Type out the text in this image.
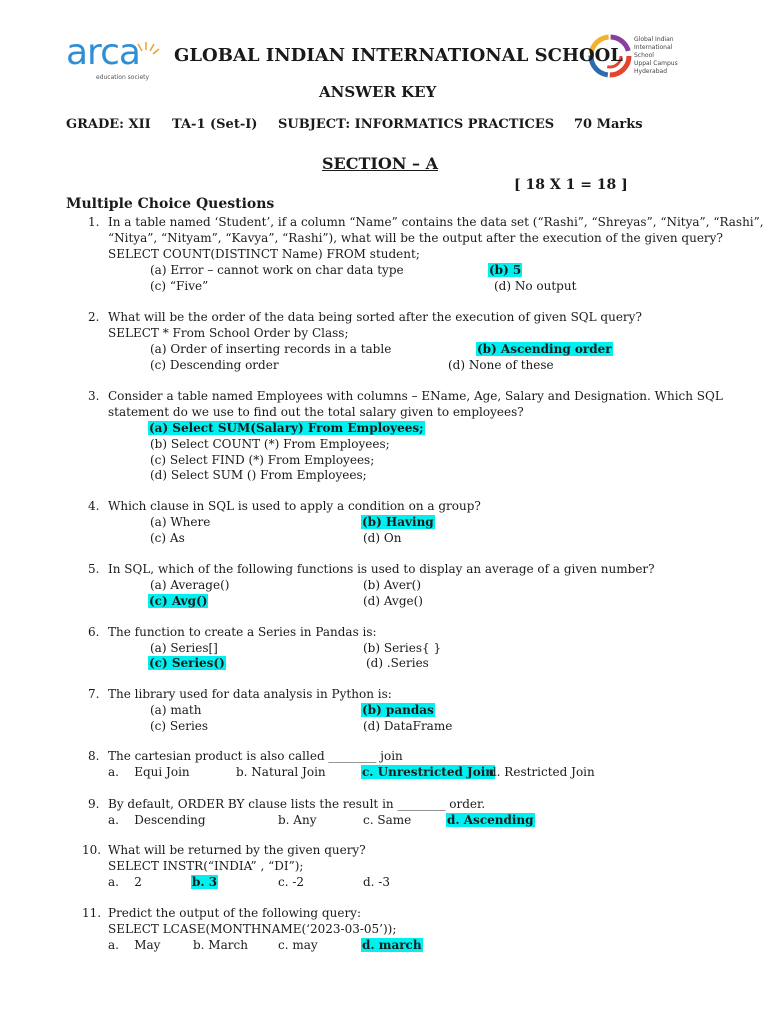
arca
education society
Global Indian
International
School
Uppal Campus
Hyderabad
GLOBAL INDIAN INTERNATIONAL SCHOOL
ANSWER KEY
GRADE: XII TA-1 (Set-I) SUBJECT: INFORMATICS PRACTICES 70 Marks
SECTION – A
[ 18 X 1 = 18 ]
Multiple Choice Questions
1. In a table named ‘Student’, if a column “Name” contains the data set (“Rashi”, “Shreyas”, “Nitya”, “Rashi”,
“Nitya”, “Nityam”, “Kavya”, “Rashi”), what will be the output after the execution of the given query?
SELECT COUNT(DISTINCT Name) FROM student;
(a) Error – cannot work on char data type	(b) 5
(c) “Five”	(d) No output
2. What will be the order of the data being sorted after the execution of given SQL query?
SELECT * From School Order by Class;
(a) Order of inserting records in a table	(b) Ascending order
(c) Descending order	(d) None of these
3. Consider a table named Employees with columns – EName, Age, Salary and Designation. Which SQL
statement do we use to find out the total salary given to employees?
(a) Select SUM(Salary) From Employees;
(b) Select COUNT (*) From Employees;
(c) Select FIND (*) From Employees;
(d) Select SUM () From Employees;
4. Which clause in SQL is used to apply a condition on a group?
(a) Where	(b) Having
(c) As	(d) On
5. In SQL, which of the following functions is used to display an average of a given number?
(a) Average()	(b) Aver()
(c) Avg()	(d) Avge()
6. The function to create a Series in Pandas is:
(a) Series[]	(b) Series{ }
(c) Series()	(d) .Series
7. The library used for data analysis in Python is:
(a) math	(b) pandas
(c) Series	(d) DataFrame
8. The cartesian product is also called ________ join
a.    Equi Join	b. Natural Join	c. Unrestricted Join
d. Restricted Join
9. By default, ORDER BY clause lists the result in ________ order.
a.    Descending	b. Any	c. Same	d. Ascending
10. What will be returned by the given query?
SELECT INSTR(“INDIA” , “DI”);
a.    2	b. 3	c. -2	d. -3
11. Predict the output of the following query:
SELECT LCASE(MONTHNAME(‘2023-03-05’));
a.    May	b. March	c. may	d. march
